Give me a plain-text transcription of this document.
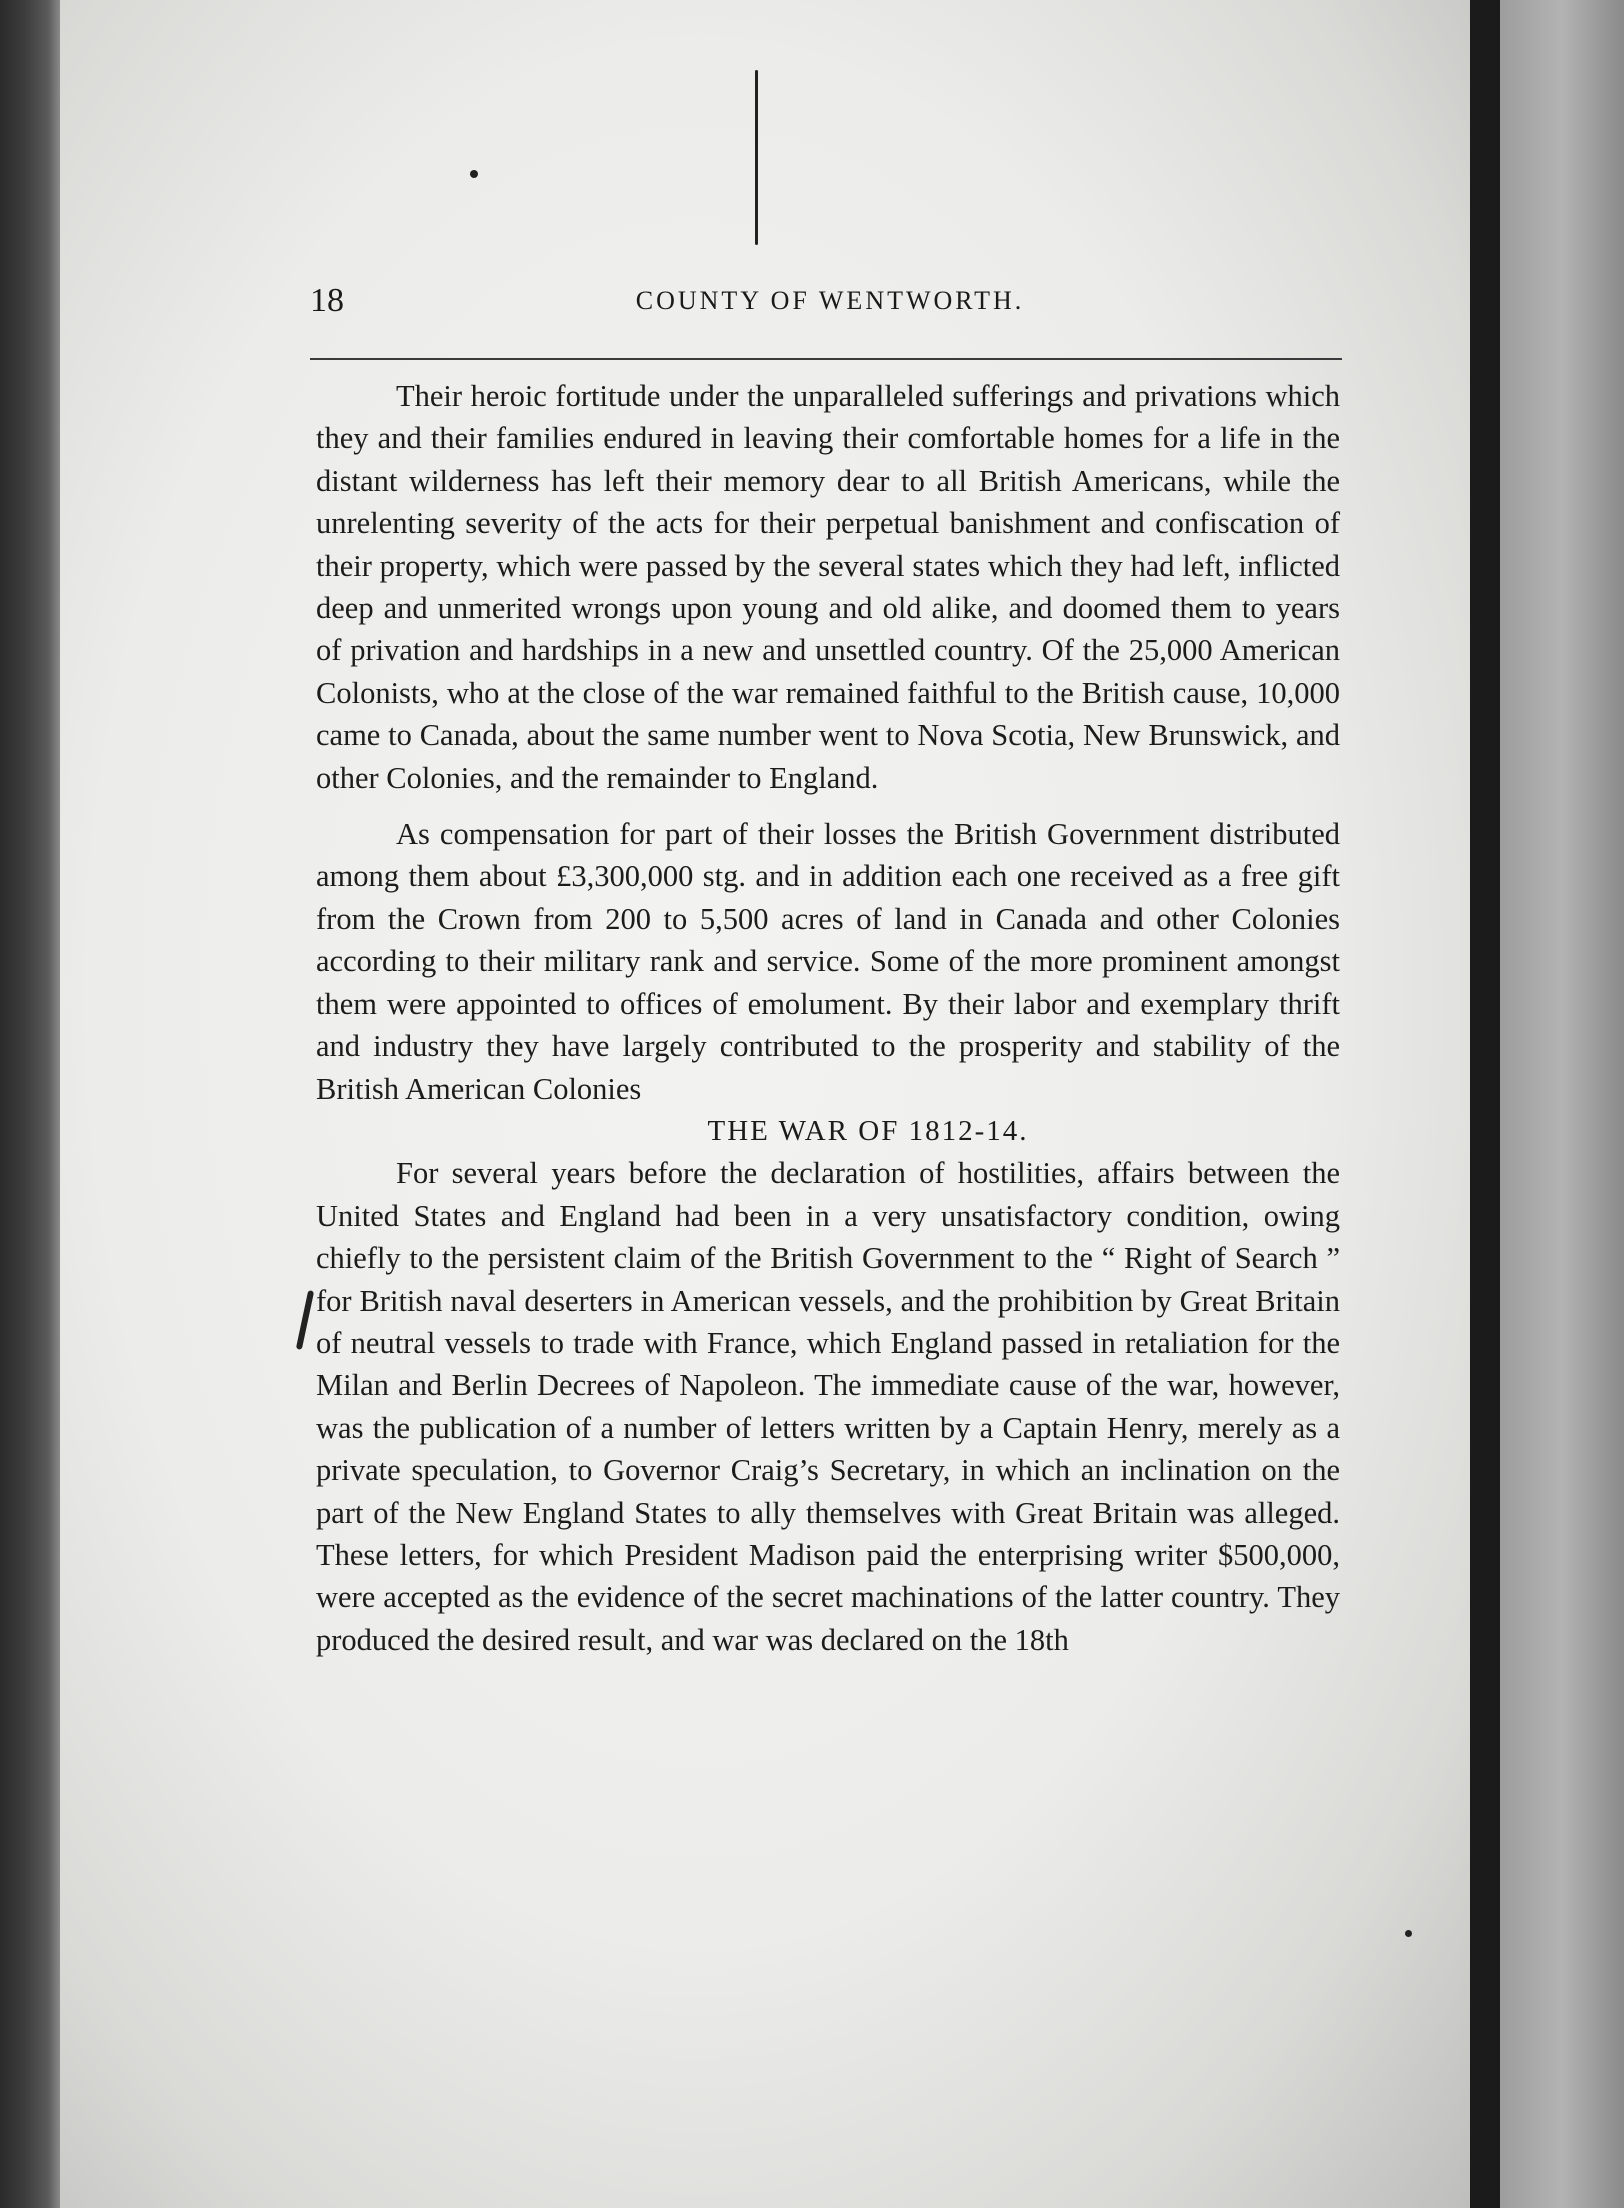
18	COUNTY OF WENTWORTH.

Their heroic fortitude under the unparalleled sufferings and privations which they and their families endured in leaving their comfortable homes for a life in the distant wilderness has left their memory dear to all British Americans, while the unrelenting severity of the acts for their perpetual banishment and confiscation of their property, which were passed by the several states which they had left, inflicted deep and unmerited wrongs upon young and old alike, and doomed them to years of privation and hardships in a new and unsettled country. Of the 25,000 American Colonists, who at the close of the war remained faithful to the British cause, 10,000 came to Canada, about the same number went to Nova Scotia, New Brunswick, and other Colonies, and the remainder to England.

As compensation for part of their losses the British Government distributed among them about £3,300,000 stg. and in addition each one received as a free gift from the Crown from 200 to 5,500 acres of land in Canada and other Colonies according to their military rank and service. Some of the more prominent amongst them were appointed to offices of emolument. By their labor and exemplary thrift and industry they have largely contributed to the prosperity and stability of the British American Colonies

THE WAR OF 1812-14.

For several years before the declaration of hostilities, affairs between the United States and England had been in a very unsatisfactory condition, owing chiefly to the persistent claim of the British Government to the “ Right of Search ” for British naval deserters in American vessels, and the prohibition by Great Britain of neutral vessels to trade with France, which England passed in retaliation for the Milan and Berlin Decrees of Napoleon. The immediate cause of the war, however, was the publication of a number of letters written by a Captain Henry, merely as a private speculation, to Governor Craig’s Secretary, in which an inclination on the part of the New England States to ally themselves with Great Britain was alleged. These letters, for which President Madison paid the enterprising writer $500,000, were accepted as the evidence of the secret machinations of the latter country. They produced the desired result, and war was declared on the 18th
